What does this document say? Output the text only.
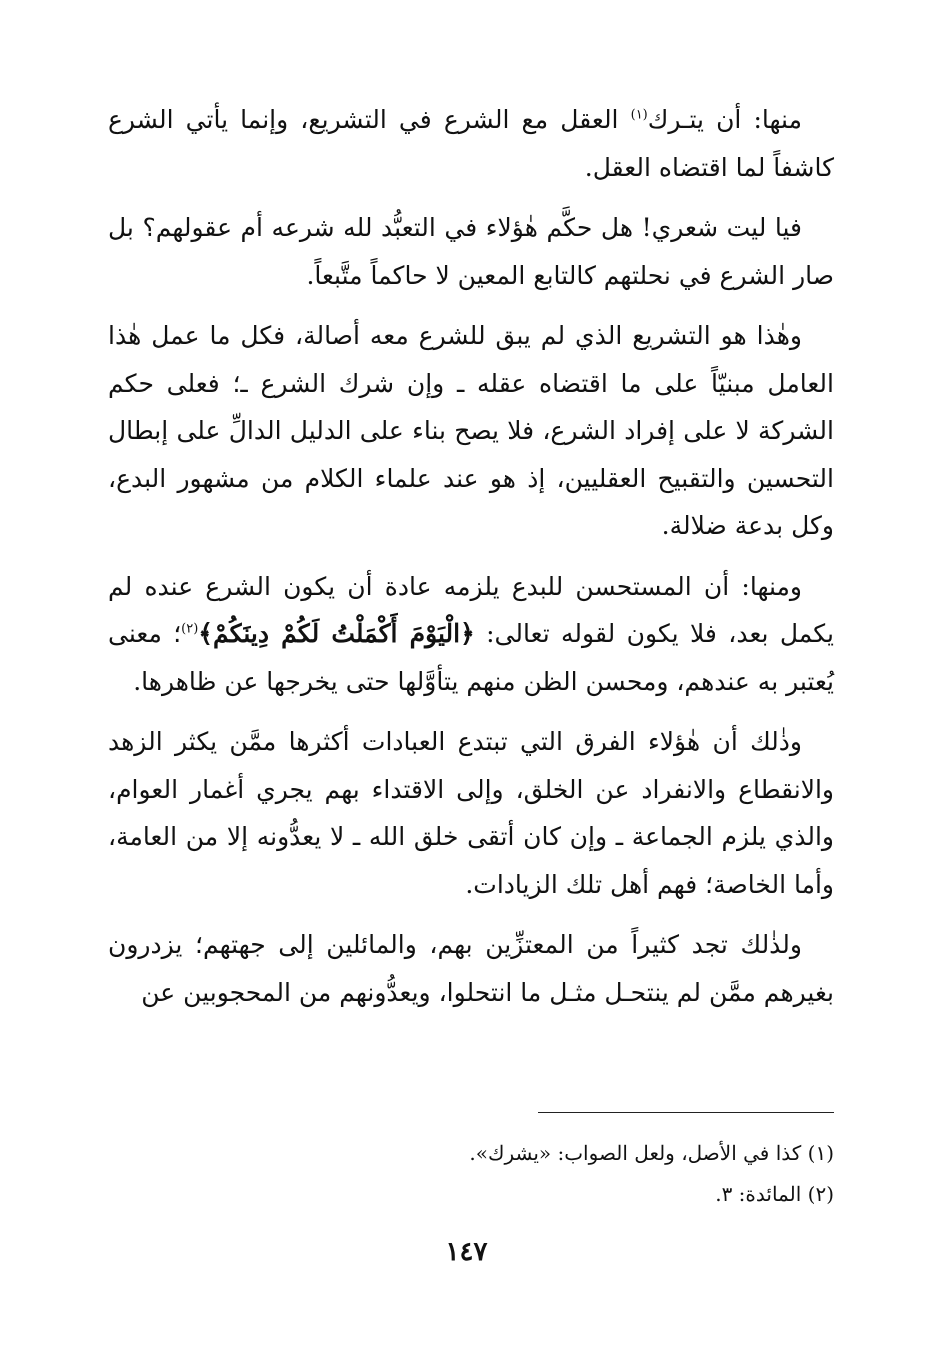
منها: أن يتـرك$^{(١)}$ العقل مع الشرع في التشريع، وإنما يأتي الشرع كاشفاً لما اقتضاه العقل.

فيا ليت شعري! هل حكَّم هٰؤلاء في التعبُّد لله شرعه أم عقولهم؟ بل صار الشرع في نحلتهم كالتابع المعين لا حاكماً متَّبعاً.

وهٰذا هو التشريع الذي لم يبق للشرع معه أصالة، فكل ما عمل هٰذا العامل مبنيّاً على ما اقتضاه عقله ـ وإن شرك الشرع ـ؛ فعلى حكم الشركة لا على إفراد الشرع، فلا يصح بناء على الدليل الدالِّ على إبطال التحسين والتقبيح العقليين، إذ هو عند علماء الكلام من مشهور البدع، وكل بدعة ضلالة.

ومنها: أن المستحسن للبدع يلزمه عادة أن يكون الشرع عنده لم يكمل بعد، فلا يكون لقوله تعالى: ﴿الْيَوْمَ أَكْمَلْتُ لَكُمْ دِينَكُمْ﴾$^{(٢)}$؛ معنى يُعتبر به عندهم، ومحسن الظن منهم يتأوَّلها حتى يخرجها عن ظاهرها.

وذٰلك أن هٰؤلاء الفرق التي تبتدع العبادات أكثرها ممَّن يكثر الزهد والانقطاع والانفراد عن الخلق، وإلى الاقتداء بهم يجري أغمار العوام، والذي يلزم الجماعة ـ وإن كان أتقى خلق الله ـ لا يعدُّونه إلا من العامة، وأما الخاصة؛ فهم أهل تلك الزيادات.

ولذٰلك تجد كثيراً من المعتزِّين بهم، والمائلين إلى جهتهم؛ يزدرون بغيرهم ممَّن لم ينتحـل مثـل ما انتحلوا، ويعدُّونهم من المحجوبين عن

(١) كذا في الأصل، ولعل الصواب: «يشرك».

(٢) المائدة: ٣.

١٤٧
